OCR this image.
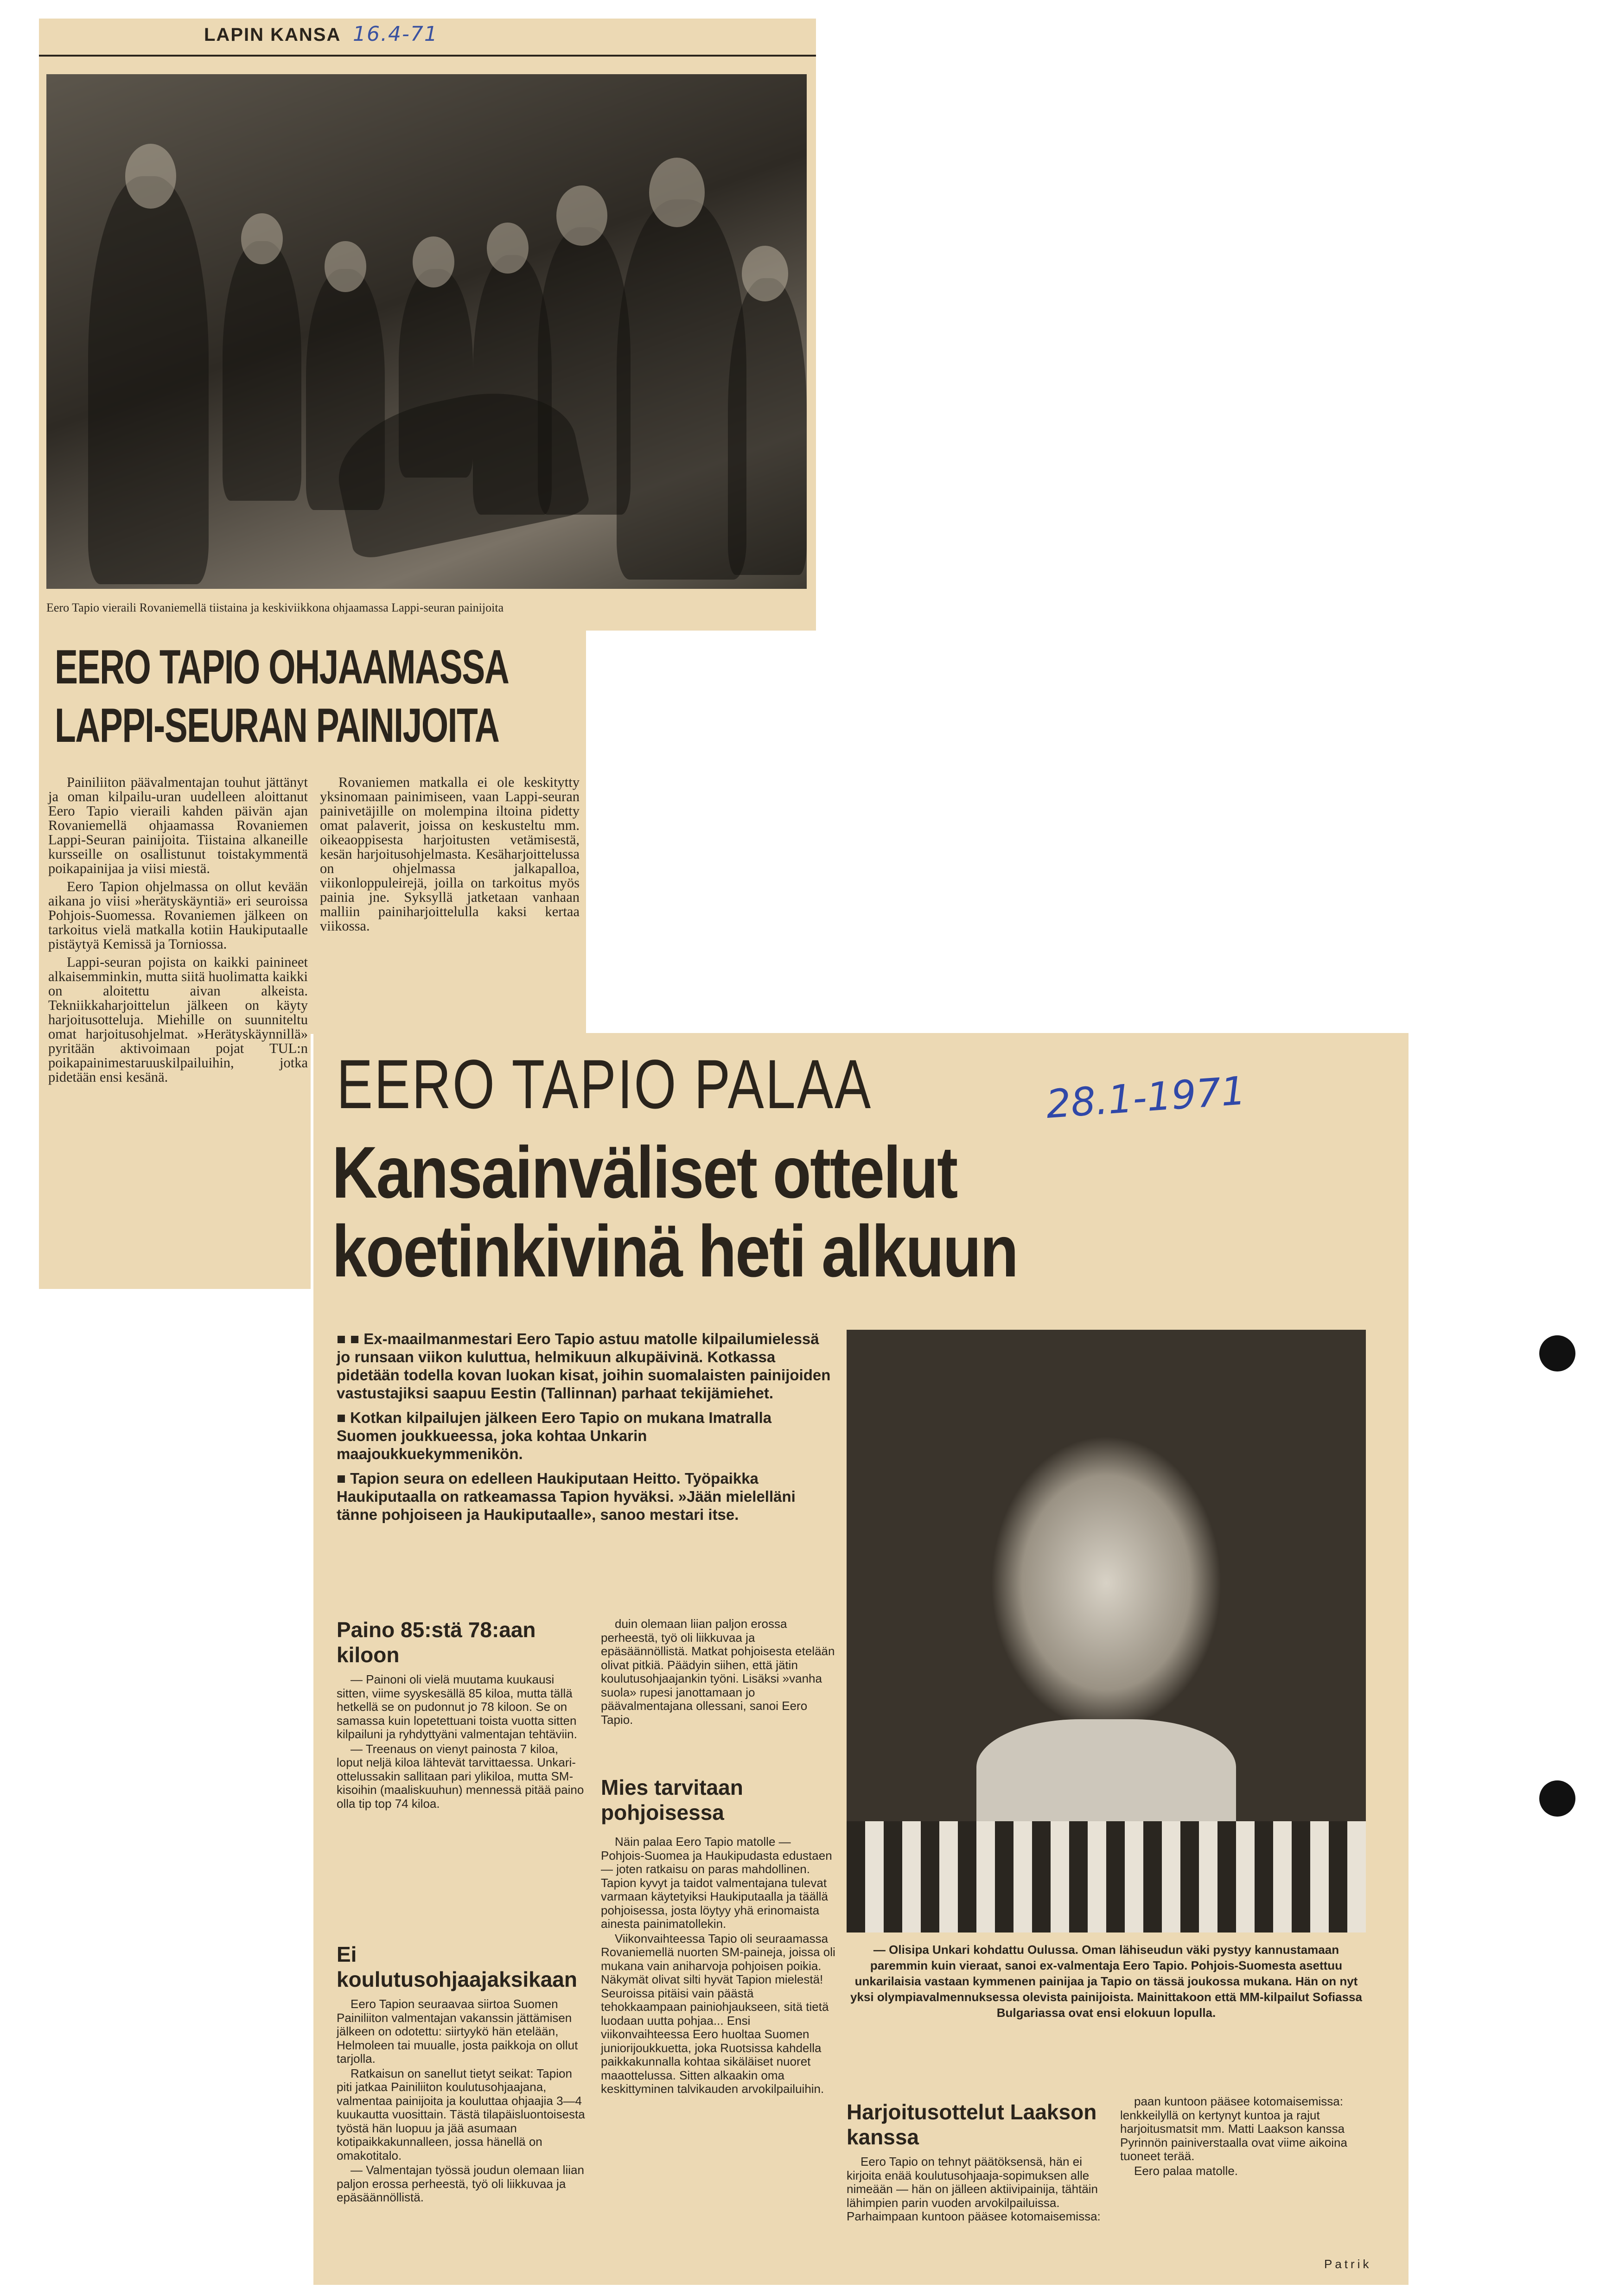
LAPIN KANSA 16.4-71
Eero Tapio vieraili Rovaniemellä tiistaina ja keskiviikkona ohjaamassa Lappi-seuran painijoita
EERO TAPIO OHJAAMASSA
LAPPI-SEURAN PAINIJOITA

Painiliiton päävalmentajan touhut jättänyt ja oman kilpailu-uran uudelleen aloittanut Eero Tapio vieraili kahden päivän ajan Rovaniemellä ohjaamassa Rovaniemen Lappi-Seuran painijoita. Tiistaina alkaneille kursseille on osallistunut toistakymmentä poikapainijaa ja viisi miestä.

Eero Tapion ohjelmassa on ollut kevään aikana jo viisi »herätyskäyntiä» eri seuroissa Pohjois-Suomessa. Rovaniemen jälkeen on tarkoitus vielä matkalla kotiin Haukiputaalle pistäytyä Kemissä ja Torniossa.

Lappi-seuran pojista on kaikki painineet alkaisemminkin, mutta siitä huolimatta kaikki on aloitettu aivan alkeista. Tekniikkaharjoittelun jälkeen on käyty harjoitusotteluja. Miehille on suunniteltu omat harjoitusohjelmat. »Herätyskäynnillä» pyritään aktivoimaan pojat TUL:n poikapainimestaruuskilpailuihin, jotka pidetään ensi kesänä.

Rovaniemen matkalla ei ole keskitytty yksinomaan painimiseen, vaan Lappi-seuran painivetäjille on molempina iltoina pidetty omat palaverit, joissa on keskusteltu mm. oikeaoppisesta harjoitusten vetämisestä, kesän harjoitusohjelmasta. Kesäharjoittelussa on ohjelmassa jalkapalloa, viikonloppuleirejä, joilla on tarkoitus myös painia jne. Syksyllä jatketaan vanhaan malliin painiharjoittelulla kaksi kertaa viikossa.

EERO TAPIO PALAA	28.1-1971
Kansainväliset ottelut
koetinkivinä heti alkuun

■ ■ Ex-maailmanmestari Eero Tapio astuu matolle kilpailumielessä jo runsaan viikon kuluttua, helmikuun alkupäivinä. Kotkassa pidetään todella kovan luokan kisat, joihin suomalaisten painijoiden vastustajiksi saapuu Eestin (Tallinnan) parhaat tekijämiehet.

■ Kotkan kilpailujen jälkeen Eero Tapio on mukana Imatralla Suomen joukkueessa, joka kohtaa Unkarin maajoukkuekymmenikön.

■ Tapion seura on edelleen Haukiputaan Heitto. Työpaikka Haukiputaalla on ratkeamassa Tapion hyväksi. »Jään mielelläni tänne pohjoiseen ja Haukiputaalle», sanoo mestari itse.

Paino 85:stä 78:aan kiloon

— Painoni oli vielä muutama kuukausi sitten, viime syyskesällä 85 kiloa, mutta tällä hetkellä se on pudonnut jo 78 kiloon. Se on samassa kuin lopetettuani toista vuotta sitten kilpailuni ja ryhdyttyäni valmentajan tehtäviin.

— Treenaus on vienyt painosta 7 kiloa, loput neljä kiloa lähtevät tarvittaessa. Unkari-ottelussakin sallitaan pari ylikiloa, mutta SM-kisoihin (maaliskuuhun) mennessä pitää paino olla tip top 74 kiloa.

Ei koulutusohjaajaksikaan

Eero Tapion seuraavaa siirtoa Suomen Painiliiton valmentajan vakanssin jättämisen jälkeen on odotettu: siirtyykö hän etelään, Helmoleen tai muualle, josta paikkoja on ollut tarjolla.

Ratkaisun on sanelIut tietyt seikat: Tapion piti jatkaa Painiliiton koulutusohjaajana, valmentaa painijoita ja kouluttaa ohjaajia 3—4 kuukautta vuosittain. Tästä tilapäisluontoisesta työstä hän luopuu ja jää asumaan kotipaikkakunnalleen, jossa hänellä on omakotitalo.

— Valmentajan työssä joudun olemaan liian paljon erossa perheestä, työ oli liikkuvaa ja epäsäännöllistä.

duin olemaan liian paljon erossa perheestä, työ oli liikkuvaa ja epäsäännöllistä. Matkat pohjoisesta etelään olivat pitkiä. Päädyin siihen, että jätin koulutusohjaajankin työni. Lisäksi »vanha suola» rupesi janottamaan jo päävalmentajana ollessani, sanoi Eero Tapio.

Mies tarvitaan pohjoisessa

Näin palaa Eero Tapio matolle — Pohjois-Suomea ja Haukipudasta edustaen — joten ratkaisu on paras mahdollinen. Tapion kyvyt ja taidot valmentajana tulevat varmaan käytetyiksi Haukiputaalla ja täällä pohjoisessa, josta löytyy yhä erinomaista ainesta painimatollekin.

Viikonvaihteessa Tapio oli seuraamassa Rovaniemellä nuorten SM-paineja, joissa oli mukana vain aniharvoja pohjoisen poikia. Näkymät olivat silti hyvät Tapion mielestä! Seuroissa pitäisi vain päästä tehokkaampaan painiohjaukseen, sitä tietä luodaan uutta pohjaa... Ensi viikonvaihteessa Eero huoltaa Suomen juniorijoukkuetta, joka Ruotsissa kahdella paikkakunnalla kohtaa sikäläiset nuoret maaottelussa. Sitten alkaakin oma keskittyminen talvikauden arvokilpailuihin.

— Olisipa Unkari kohdattu Oulussa. Oman lähiseudun väki pystyy kannustamaan paremmin kuin vieraat, sanoi ex-valmentaja Eero Tapio. Pohjois-Suomesta asettuu unkarilaisia vastaan kymmenen painijaa ja Tapio on tässä joukossa mukana. Hän on nyt yksi olympiavalmennuksessa olevista painijoista. Mainittakoon että MM-kilpailut Sofiassa Bulgariassa ovat ensi elokuun lopulla.
Harjoitusottelut Laakson kanssa

Eero Tapio on tehnyt päätöksensä, hän ei kirjoita enää koulutusohjaaja-sopimuksen alle nimeään — hän on jälleen aktiivipainija, tähtäin lähimpien parin vuoden arvokilpailuissa. Parhaimpaan kuntoon pääsee kotomaisemissa:

paan kuntoon pääsee kotomaisemissa: lenkkeilyllä on kertynyt kuntoa ja rajut harjoitusmatsit mm. Matti Laakson kanssa Pyrinnön painiverstaalla ovat viime aikoina tuoneet terää.

Eero palaa matolle.

Patrik
